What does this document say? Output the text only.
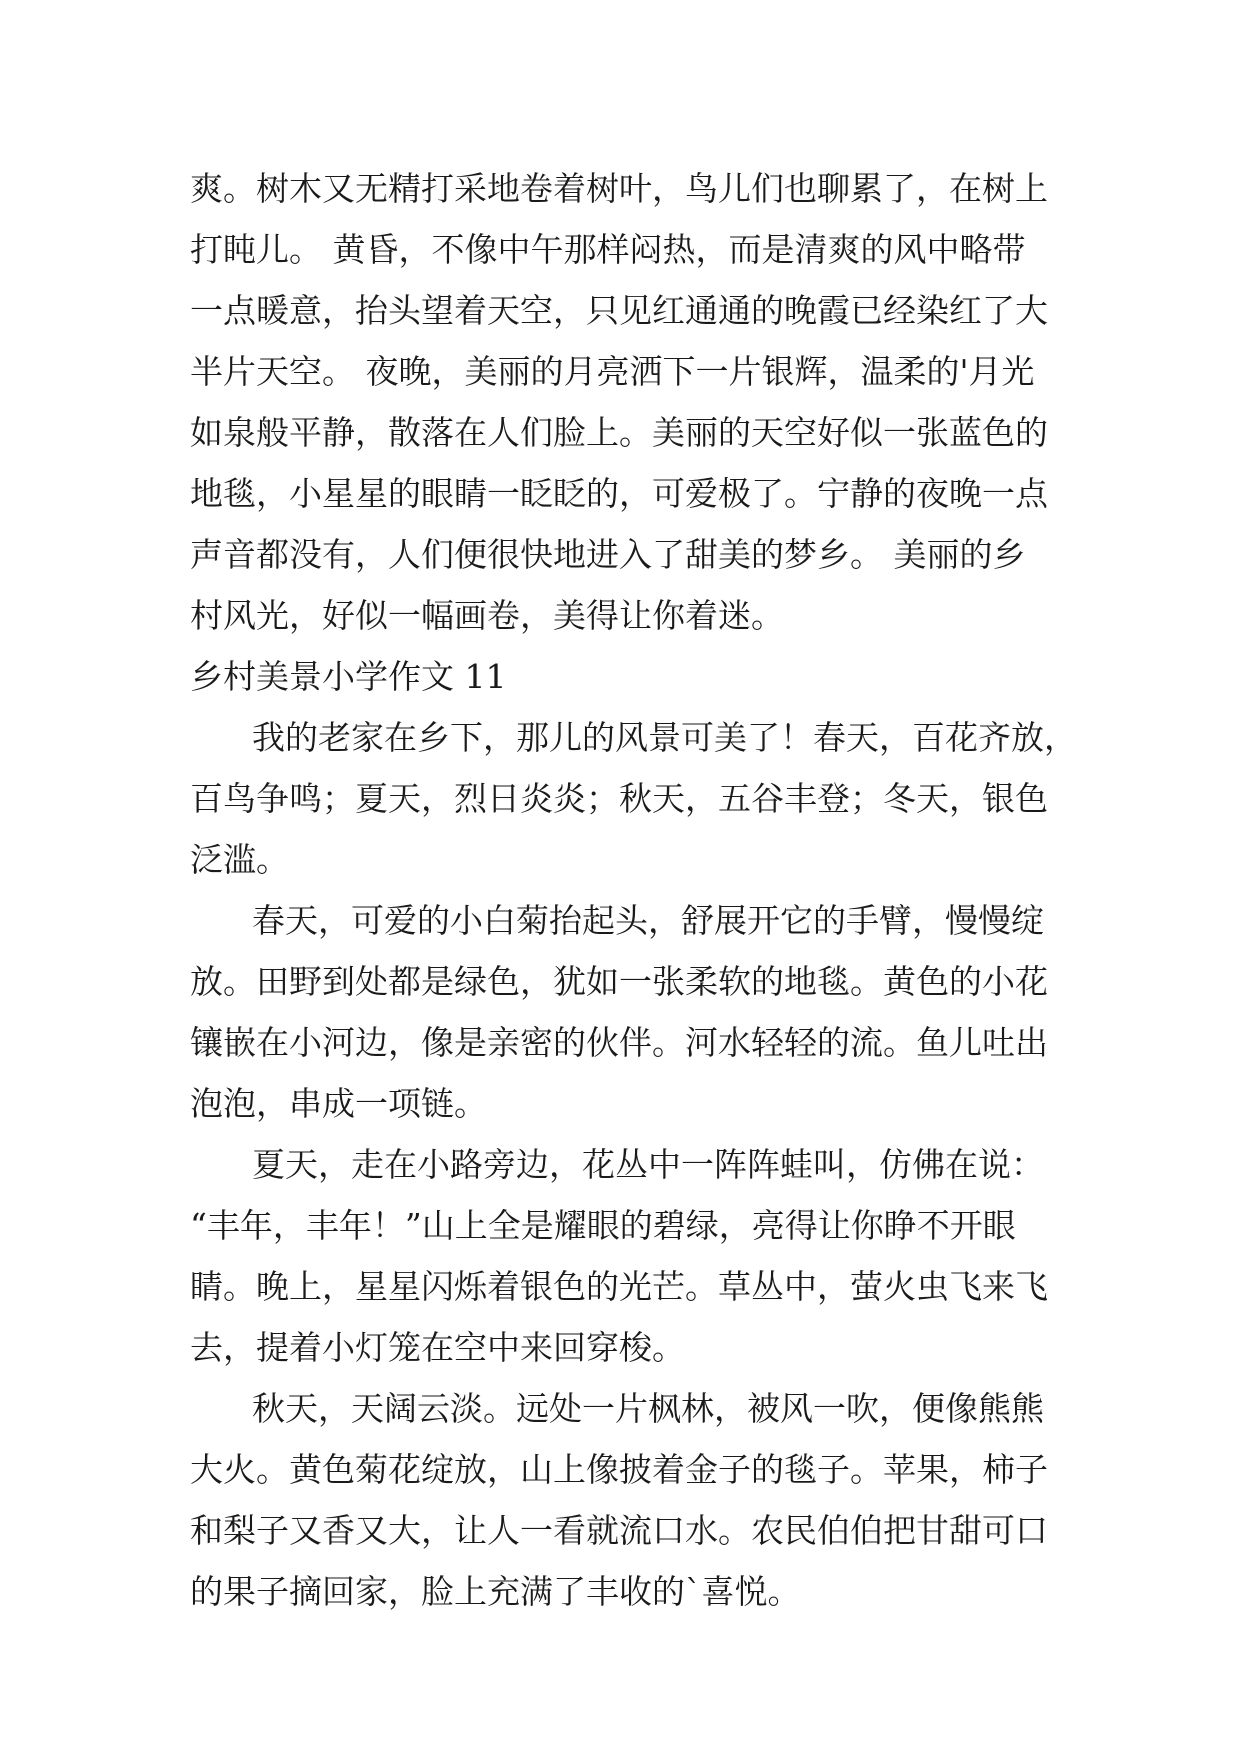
爽。树木又无精打采地卷着树叶，鸟儿们也聊累了，在树上
打盹儿。 黄昏，不像中午那样闷热，而是清爽的风中略带
一点暖意，抬头望着天空，只见红通通的晚霞已经染红了大
半片天空。 夜晚，美丽的月亮洒下一片银辉，温柔的'月光
如泉般平静，散落在人们脸上。美丽的天空好似一张蓝色的
地毯，小星星的眼睛一眨眨的，可爱极了。宁静的夜晚一点
声音都没有，人们便很快地进入了甜美的梦乡。 美丽的乡
村风光，好似一幅画卷，美得让你着迷。
乡村美景小学作文 11
我的老家在乡下，那儿的风景可美了！春天，百花齐放，
百鸟争鸣；夏天，烈日炎炎；秋天，五谷丰登；冬天，银色
泛滥。
春天，可爱的小白菊抬起头，舒展开它的手臂，慢慢绽
放。田野到处都是绿色，犹如一张柔软的地毯。黄色的小花
镶嵌在小河边，像是亲密的伙伴。河水轻轻的流。鱼儿吐出
泡泡，串成一项链。
夏天，走在小路旁边，花丛中一阵阵蛙叫，仿佛在说：
“丰年，丰年！”山上全是耀眼的碧绿，亮得让你睁不开眼
睛。晚上，星星闪烁着银色的光芒。草丛中，萤火虫飞来飞
去，提着小灯笼在空中来回穿梭。
秋天，天阔云淡。远处一片枫林，被风一吹，便像熊熊
大火。黄色菊花绽放，山上像披着金子的毯子。苹果，柿子
和梨子又香又大，让人一看就流口水。农民伯伯把甘甜可口
的果子摘回家，脸上充满了丰收的`喜悦。
